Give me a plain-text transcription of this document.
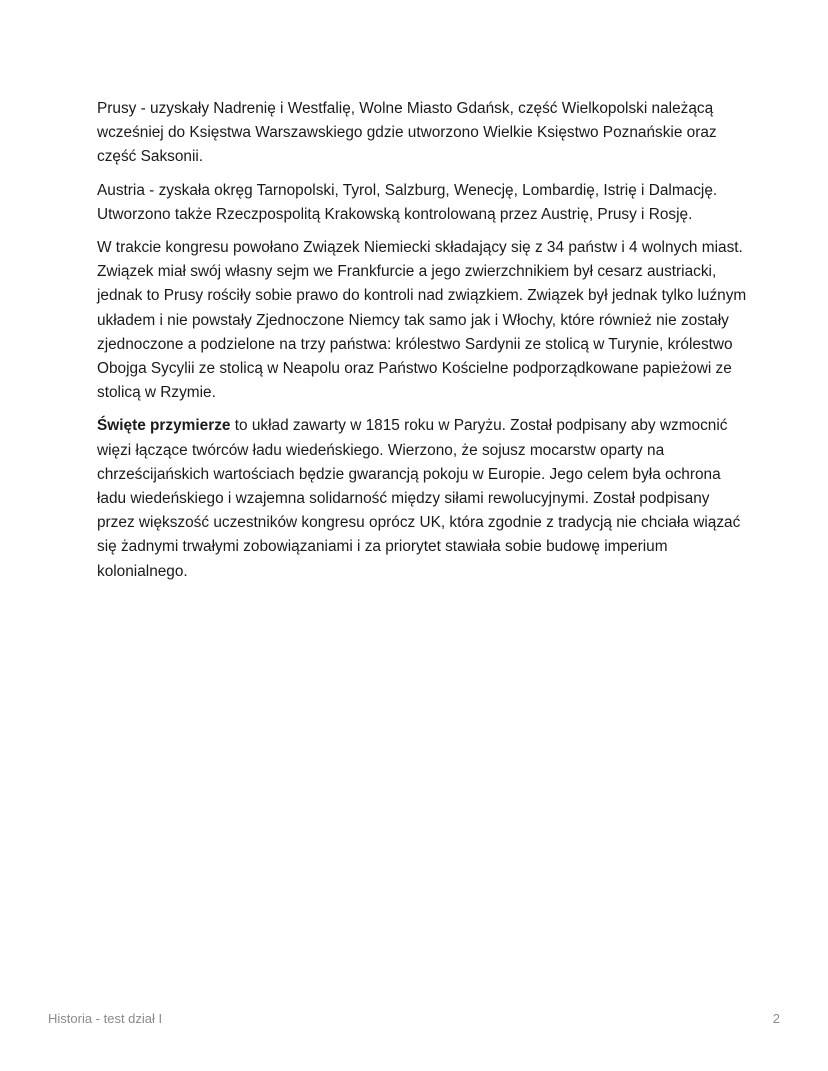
Prusy - uzyskały Nadrenię i Westfalię, Wolne Miasto Gdańsk, część Wielkopolski należącą wcześniej do Księstwa Warszawskiego gdzie utworzono Wielkie Księstwo Poznańskie oraz część Saksonii.

Austria - zyskała okręg Tarnopolski, Tyrol, Salzburg, Wenecję, Lombardię, Istrię i Dalmację. Utworzono także Rzeczpospolitą Krakowską kontrolowaną przez Austrię, Prusy i Rosję.

W trakcie kongresu powołano Związek Niemiecki składający się z 34 państw i 4 wolnych miast. Związek miał swój własny sejm we Frankfurcie a jego zwierzchnikiem był cesarz austriacki, jednak to Prusy rościły sobie prawo do kontroli nad związkiem. Związek był jednak tylko luźnym układem i nie powstały Zjednoczone Niemcy tak samo jak i Włochy, które również nie zostały zjednoczone a podzielone na trzy państwa: królestwo Sardynii ze stolicą w Turynie, królestwo Obojga Sycylii ze stolicą w Neapolu oraz Państwo Kościelne podporządkowane papieżowi ze stolicą w Rzymie.

Święte przymierze to układ zawarty w 1815 roku w Paryżu. Został podpisany aby wzmocnić więzi łączące twórców ładu wiedeńskiego. Wierzono, że sojusz mocarstw oparty na chrześcijańskich wartościach będzie gwarancją pokoju w Europie. Jego celem była ochrona ładu wiedeńskiego i wzajemna solidarność między siłami rewolucyjnymi. Został podpisany przez większość uczestników kongresu oprócz UK, która zgodnie z tradycją nie chciała wiązać się żadnymi trwałymi zobowiązaniami i za priorytet stawiała sobie budowę imperium kolonialnego.

Historia - test dział I	2
